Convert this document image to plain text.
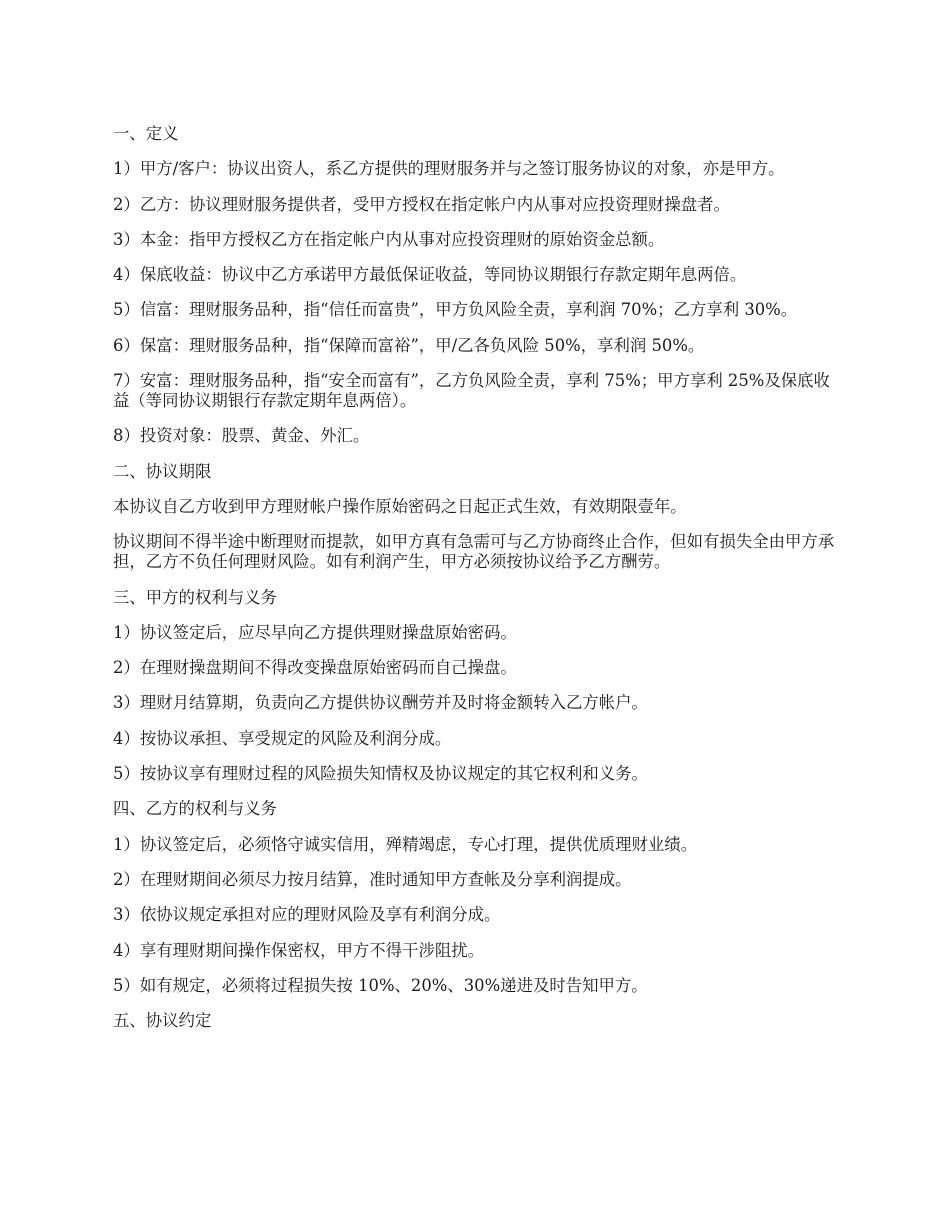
一、定义

1）甲方/客户：协议出资人，系乙方提供的理财服务并与之签订服务协议的对象，亦是甲方。

2）乙方：协议理财服务提供者，受甲方授权在指定帐户内从事对应投资理财操盘者。

3）本金：指甲方授权乙方在指定帐户内从事对应投资理财的原始资金总额。

4）保底收益：协议中乙方承诺甲方最低保证收益，等同协议期银行存款定期年息两倍。

5）信富：理财服务品种，指“信任而富贵”，甲方负风险全责，享利润 70%；乙方享利 30%。

6）保富：理财服务品种，指“保障而富裕”，甲/乙各负风险 50%，享利润 50%。

7）安富：理财服务品种，指“安全而富有”，乙方负风险全责，享利 75%；甲方享利 25%及保底收益（等同协议期银行存款定期年息两倍）。

8）投资对象：股票、黄金、外汇。

二、协议期限

本协议自乙方收到甲方理财帐户操作原始密码之日起正式生效，有效期限壹年。

协议期间不得半途中断理财而提款，如甲方真有急需可与乙方协商终止合作，但如有损失全由甲方承担，乙方不负任何理财风险。如有利润产生，甲方必须按协议给予乙方酬劳。

三、甲方的权利与义务

1）协议签定后，应尽早向乙方提供理财操盘原始密码。

2）在理财操盘期间不得改变操盘原始密码而自己操盘。

3）理财月结算期，负责向乙方提供协议酬劳并及时将金额转入乙方帐户。

4）按协议承担、享受规定的风险及利润分成。

5）按协议享有理财过程的风险损失知情权及协议规定的其它权利和义务。

四、乙方的权利与义务

1）协议签定后，必须恪守诚实信用，殚精竭虑，专心打理，提供优质理财业绩。

2）在理财期间必须尽力按月结算，准时通知甲方查帐及分享利润提成。

3）依协议规定承担对应的理财风险及享有利润分成。

4）享有理财期间操作保密权，甲方不得干涉阻扰。

5）如有规定，必须将过程损失按 10%、20%、30%递进及时告知甲方。

五、协议约定
